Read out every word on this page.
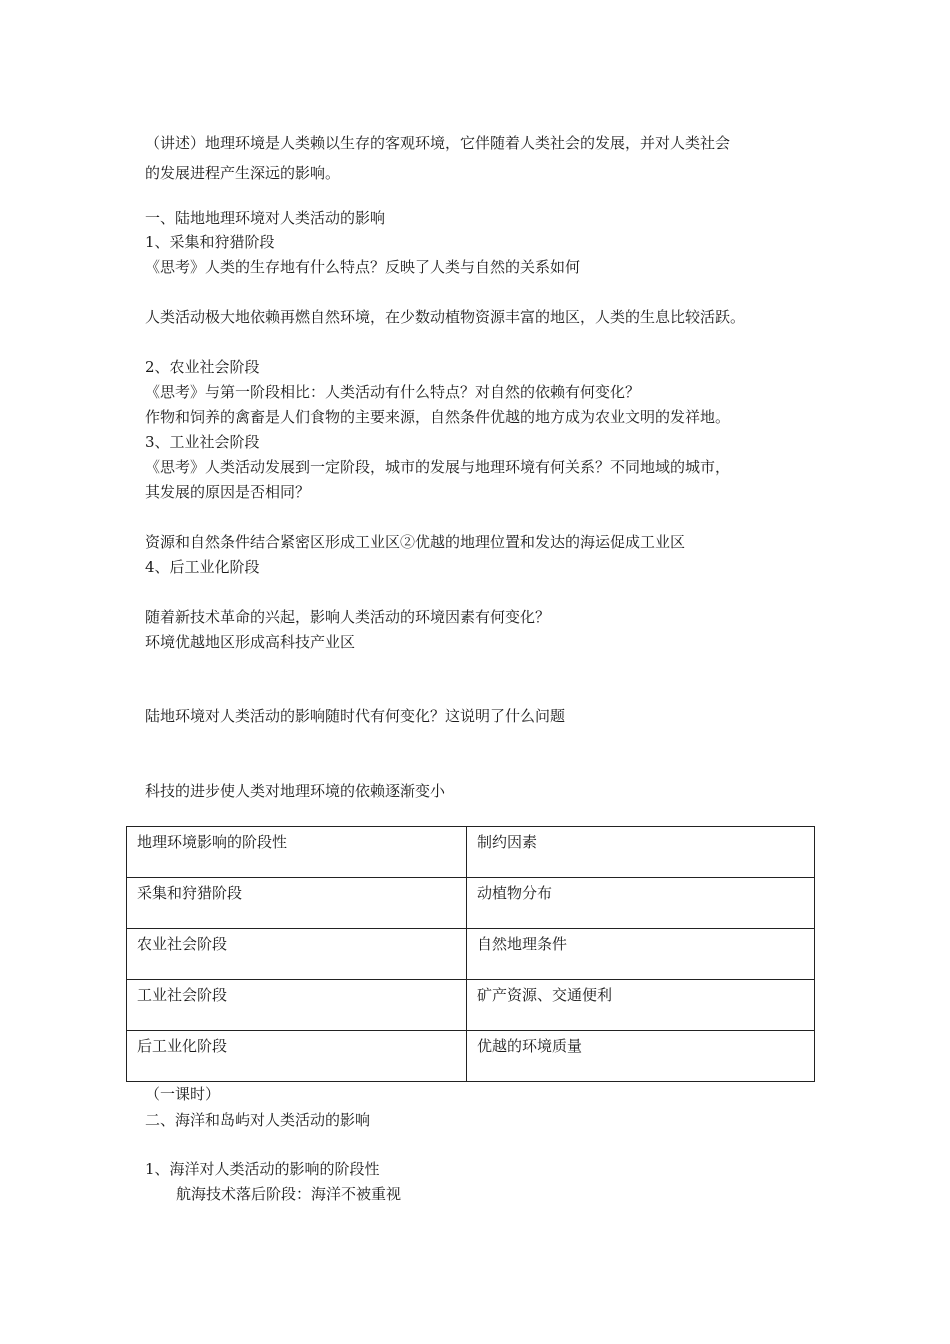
（讲述）地理环境是人类赖以生存的客观环境，它伴随着人类社会的发展，并对人类社会
的发展进程产生深远的影响。
一、陆地地理环境对人类活动的影响
1、采集和狩猎阶段
《思考》人类的生存地有什么特点？反映了人类与自然的关系如何
人类活动极大地依赖再燃自然环境，在少数动植物资源丰富的地区，人类的生息比较活跃。
2、农业社会阶段
《思考》与第一阶段相比：人类活动有什么特点？对自然的依赖有何变化？
作物和饲养的禽畜是人们食物的主要来源，自然条件优越的地方成为农业文明的发祥地。
3、工业社会阶段
《思考》人类活动发展到一定阶段，城市的发展与地理环境有何关系？不同地域的城市，
其发展的原因是否相同？
资源和自然条件结合紧密区形成工业区②优越的地理位置和发达的海运促成工业区
4、后工业化阶段
随着新技术革命的兴起，影响人类活动的环境因素有何变化？
环境优越地区形成高科技产业区
陆地环境对人类活动的影响随时代有何变化？这说明了什么问题
科技的进步使人类对地理环境的依赖逐渐变小
地理环境影响的阶段性	制约因素
采集和狩猎阶段	动植物分布
农业社会阶段	自然地理条件
工业社会阶段	矿产资源、交通便利
后工业化阶段	优越的环境质量
（一课时）
二、海洋和岛屿对人类活动的影响
1、海洋对人类活动的影响的阶段性
航海技术落后阶段：海洋不被重视
